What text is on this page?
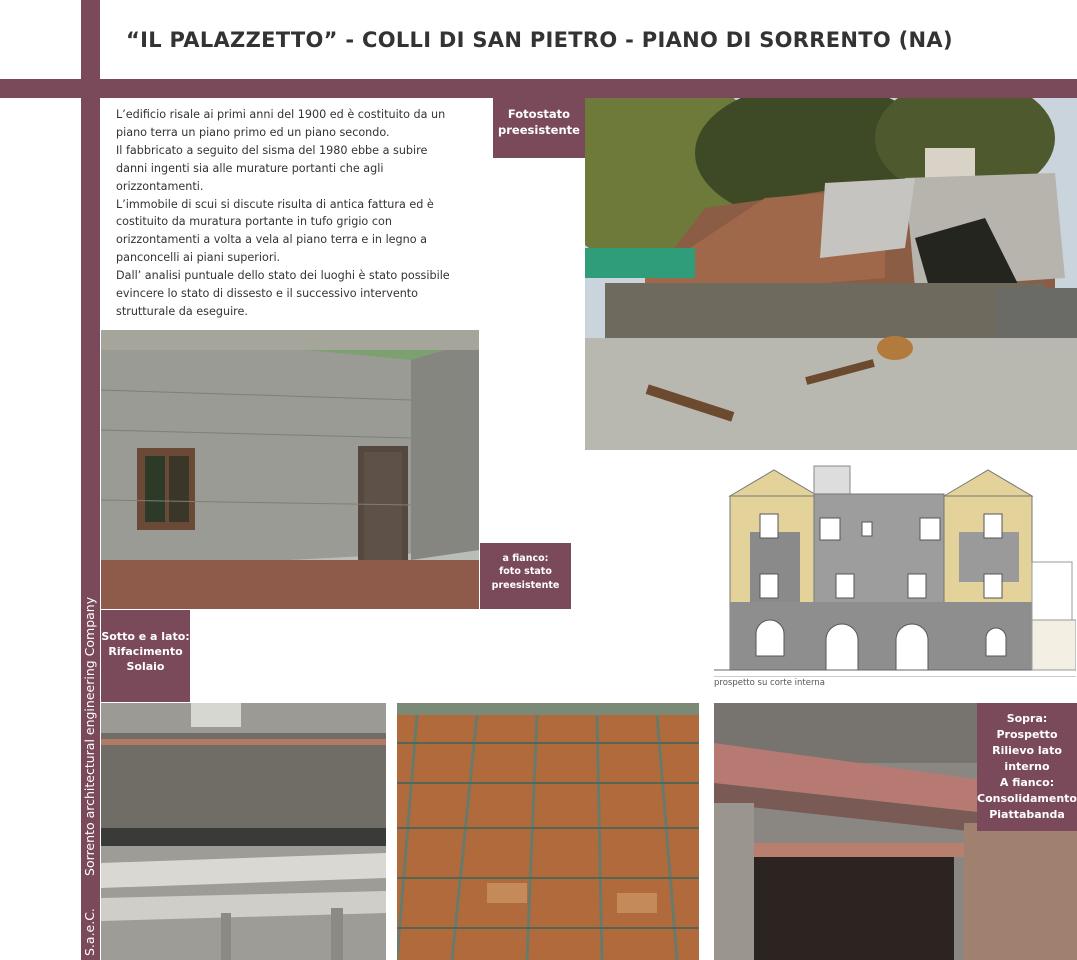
“IL PALAZZETTO” - COLLI DI SAN PIETRO - PIANO DI SORRENTO (NA)
S.a.e.C. Sorrento architectural engineering Company

L’edificio risale ai primi anni del 1900 ed è costituito da un piano terra un piano primo ed un piano secondo.

Il fabbricato a seguito del sisma del 1980 ebbe a subire danni ingenti sia alle murature portanti che agli orizzontamenti.

L’immobile di scui si discute risulta di antica fattura ed è costituito da muratura portante in tufo grigio con orizzontamenti a volta a vela al piano terra e in legno a panconcelli ai piani superiori.

Dall’ analisi puntuale dello stato dei luoghi è stato possibile evincere lo stato di dissesto e il successivo intervento strutturale da eseguire.

Fotostato
preesistente
a fianco:
foto stato
preesistente
Sotto e a lato:
Rifacimento
Solaio
prospetto su corte interna
Sopra:
Prospetto
Rilievo lato
interno
A fianco:
Consolidamento
Piattabanda
